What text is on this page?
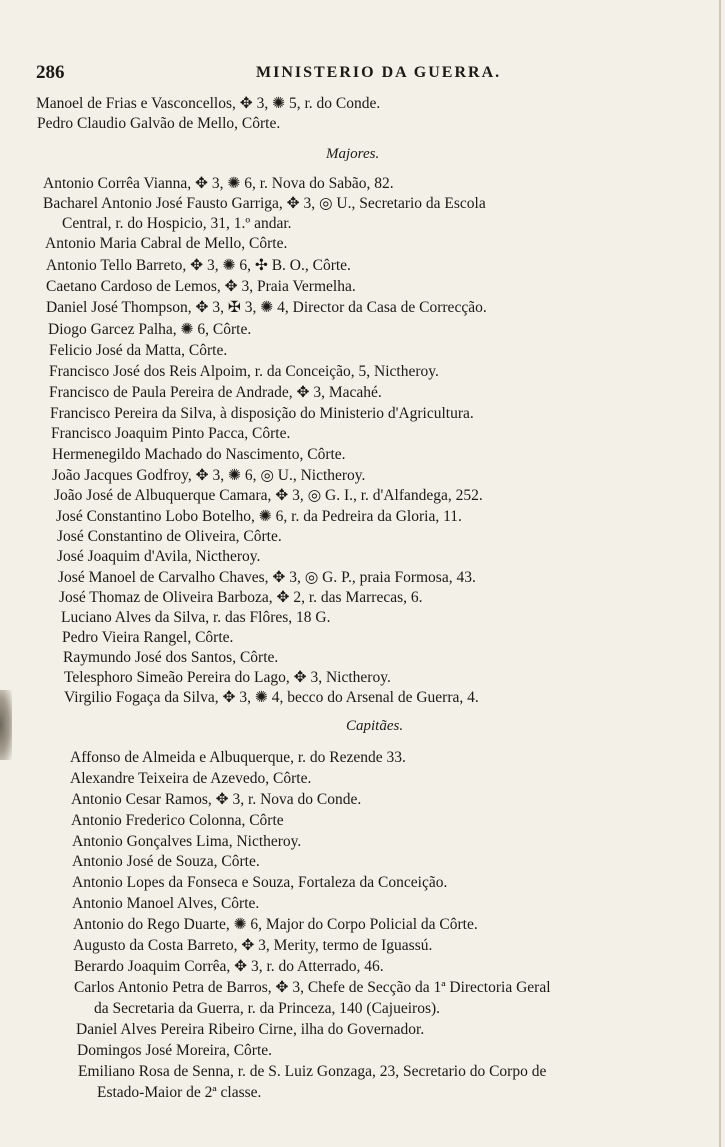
286	MINISTERIO DA GUERRA.
Manoel de Frias e Vasconcellos, ✥ 3, ✺ 5, r. do Conde.
Pedro Claudio Galvão de Mello, Côrte.
Majores.
Antonio Corrêa Vianna, ✥ 3, ✺ 6, r. Nova do Sabão, 82.
Bacharel Antonio José Fausto Garriga, ✥ 3, ◎ U., Secretario da Escola
Central, r. do Hospicio, 31, 1.º andar.
Antonio Maria Cabral de Mello, Côrte.
Antonio Tello Barreto, ✥ 3, ✺ 6, ✣ B. O., Côrte.
Caetano Cardoso de Lemos, ✥ 3, Praia Vermelha.
Daniel José Thompson, ✥ 3, ✠ 3, ✺ 4, Director da Casa de Correcção.
Diogo Garcez Palha, ✺ 6, Côrte.
Felicio José da Matta, Côrte.
Francisco José dos Reis Alpoim, r. da Conceição, 5, Nictheroy.
Francisco de Paula Pereira de Andrade, ✥ 3, Macahé.
Francisco Pereira da Silva, à disposição do Ministerio d'Agricultura.
Francisco Joaquim Pinto Pacca, Côrte.
Hermenegildo Machado do Nascimento, Côrte.
João Jacques Godfroy, ✥ 3, ✺ 6, ◎ U., Nictheroy.
João José de Albuquerque Camara, ✥ 3, ◎ G. I., r. d'Alfandega, 252.
José Constantino Lobo Botelho, ✺ 6, r. da Pedreira da Gloria, 11.
José Constantino de Oliveira, Côrte.
José Joaquim d'Avila, Nictheroy.
José Manoel de Carvalho Chaves, ✥ 3, ◎ G. P., praia Formosa, 43.
José Thomaz de Oliveira Barboza, ✥ 2, r. das Marrecas, 6.
Luciano Alves da Silva, r. das Flôres, 18 G.
Pedro Vieira Rangel, Côrte.
Raymundo José dos Santos, Côrte.
Telesphoro Simeão Pereira do Lago, ✥ 3, Nictheroy.
Virgilio Fogaça da Silva, ✥ 3, ✺ 4, becco do Arsenal de Guerra, 4.
Capitães.
Affonso de Almeida e Albuquerque, r. do Rezende 33.
Alexandre Teixeira de Azevedo, Côrte.
Antonio Cesar Ramos, ✥ 3, r. Nova do Conde.
Antonio Frederico Colonna, Côrte
Antonio Gonçalves Lima, Nictheroy.
Antonio José de Souza, Côrte.
Antonio Lopes da Fonseca e Souza, Fortaleza da Conceição.
Antonio Manoel Alves, Côrte.
Antonio do Rego Duarte, ✺ 6, Major do Corpo Policial da Côrte.
Augusto da Costa Barreto, ✥ 3, Merity, termo de Iguassú.
Berardo Joaquim Corrêa, ✥ 3, r. do Atterrado, 46.
Carlos Antonio Petra de Barros, ✥ 3, Chefe de Secção da 1ª Directoria Geral
da Secretaria da Guerra, r. da Princeza, 140 (Cajueiros).
Daniel Alves Pereira Ribeiro Cirne, ilha do Governador.
Domingos José Moreira, Côrte.
Emiliano Rosa de Senna, r. de S. Luiz Gonzaga, 23, Secretario do Corpo de
Estado-Maior de 2ª classe.
